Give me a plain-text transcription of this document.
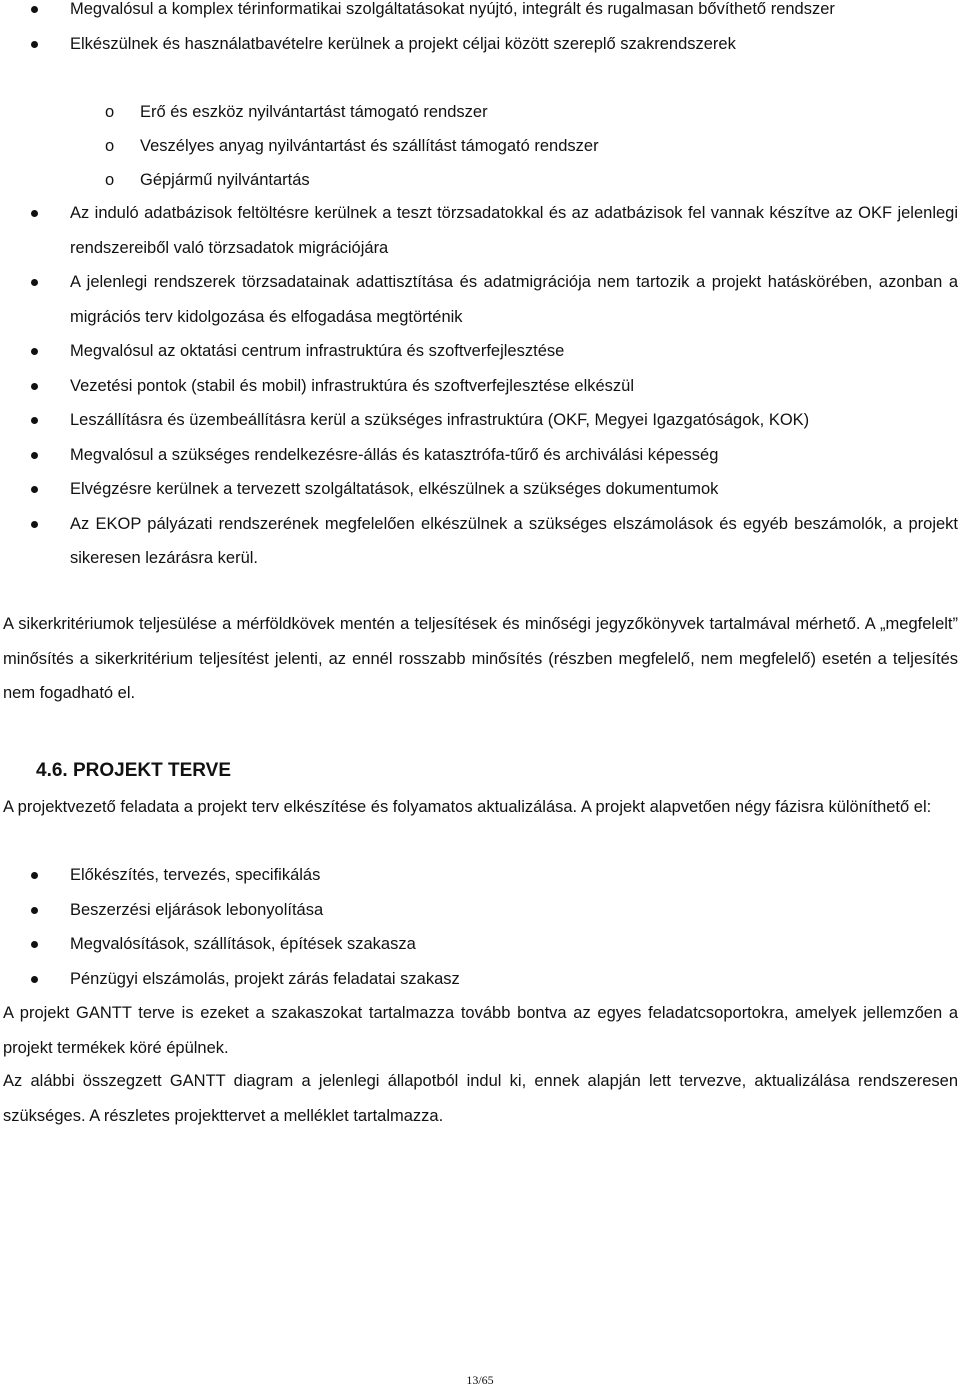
Megvalósul a komplex térinformatikai szolgáltatásokat nyújtó, integrált és rugalmasan bővíthető rendszer
Elkészülnek és használatbavételre kerülnek a projekt céljai között szereplő szakrendszerek
o Erő és eszköz nyilvántartást támogató rendszer
o Veszélyes anyag nyilvántartást és szállítást támogató rendszer
o Gépjármű nyilvántartás
Az induló adatbázisok feltöltésre kerülnek a teszt törzsadatokkal és az adatbázisok fel vannak készítve az OKF jelenlegi rendszereiből való törzsadatok migrációjára
A jelenlegi rendszerek törzsadatainak adattisztítása és adatmigrációja nem tartozik a projekt hatáskörében, azonban a migrációs terv kidolgozása és elfogadása megtörténik
Megvalósul az oktatási centrum infrastruktúra és szoftverfejlesztése
Vezetési pontok (stabil és mobil) infrastruktúra és szoftverfejlesztése elkészül
Leszállításra és üzembeállításra kerül a szükséges infrastruktúra (OKF, Megyei Igazgatóságok, KOK)
Megvalósul a szükséges rendelkezésre-állás és katasztrófa-tűrő és archiválási képesség
Elvégzésre kerülnek a tervezett szolgáltatások, elkészülnek a szükséges dokumentumok
Az EKOP pályázati rendszerének megfelelően elkészülnek a szükséges elszámolások és egyéb beszámolók, a projekt sikeresen lezárásra kerül.

A sikerkritériumok teljesülése a mérföldkövek mentén a teljesítések és minőségi jegyzőkönyvek tartalmával mérhető. A „megfelelt” minősítés a sikerkritérium teljesítést jelenti, az ennél rosszabb minősítés (részben megfelelő, nem megfelelő) esetén a teljesítés nem fogadható el.

4.6. PROJEKT TERVE

A projektvezető feladata a projekt terv elkészítése és folyamatos aktualizálása. A projekt alapvetően négy fázisra különíthető el:

Előkészítés, tervezés, specifikálás
Beszerzési eljárások lebonyolítása
Megvalósítások, szállítások, építések szakasza
Pénzügyi elszámolás, projekt zárás feladatai szakasz

A projekt GANTT terve is ezeket a szakaszokat tartalmazza tovább bontva az egyes feladatcsoportokra, amelyek jellemzően a projekt termékek köré épülnek.

Az alábbi összegzett GANTT diagram a jelenlegi állapotból indul ki, ennek alapján lett tervezve, aktualizálása rendszeresen szükséges. A részletes projekttervet a melléklet tartalmazza.

13/65
